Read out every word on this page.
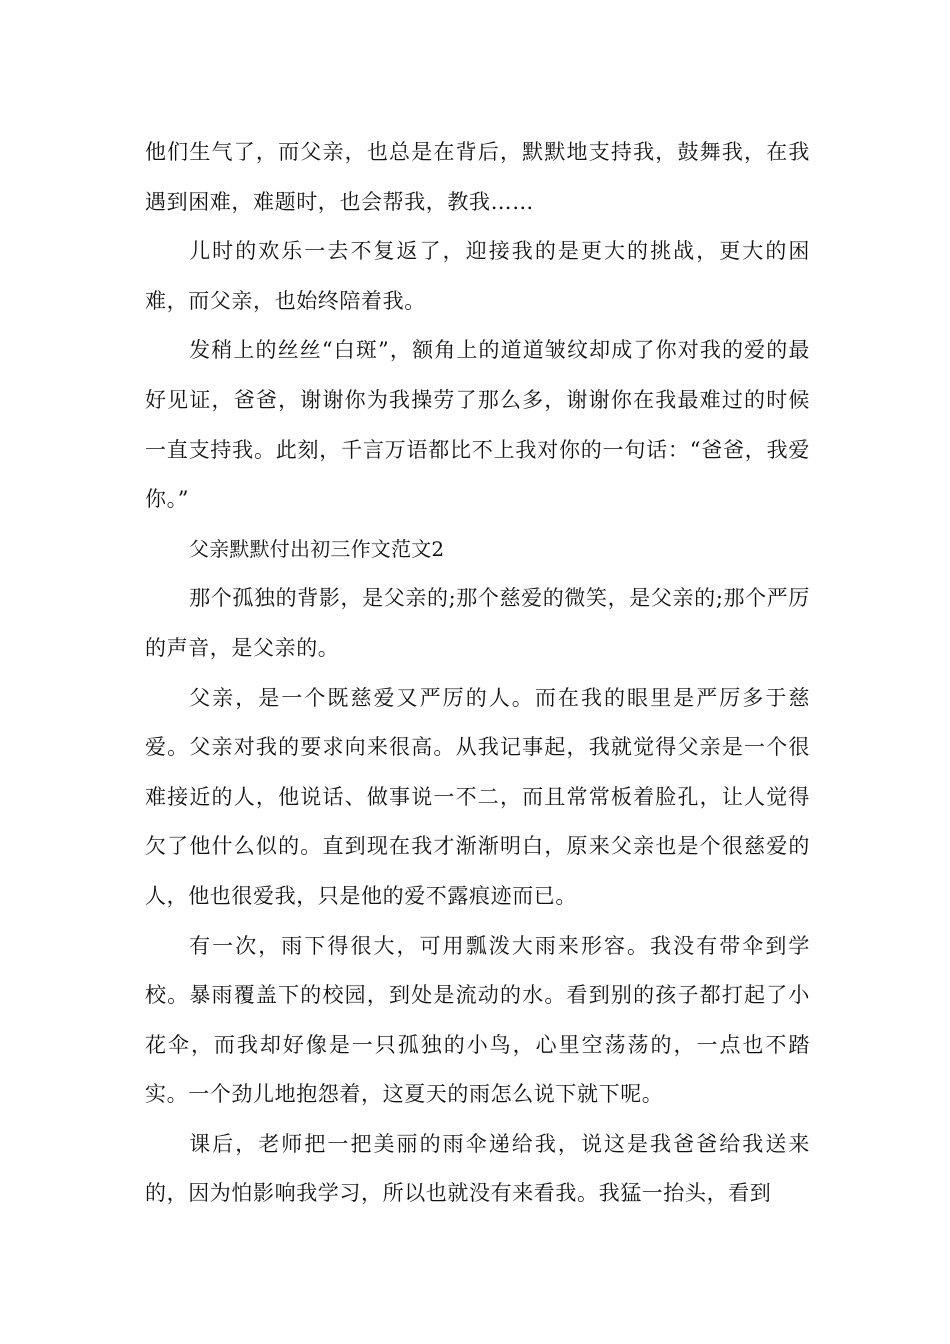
他们生气了，而父亲，也总是在背后，默默地支持我，鼓舞我，在我遇到困难，难题时，也会帮我，教我……

儿时的欢乐一去不复返了，迎接我的是更大的挑战，更大的困难，而父亲，也始终陪着我。

发稍上的丝丝“白斑”，额角上的道道皱纹却成了你对我的爱的最好见证，爸爸，谢谢你为我操劳了那么多，谢谢你在我最难过的时候一直支持我。此刻，千言万语都比不上我对你的一句话：“爸爸，我爱你。”

父亲默默付出初三作文范文2

那个孤独的背影，是父亲的;那个慈爱的微笑，是父亲的;那个严厉的声音，是父亲的。

父亲，是一个既慈爱又严厉的人。而在我的眼里是严厉多于慈爱。父亲对我的要求向来很高。从我记事起，我就觉得父亲是一个很难接近的人，他说话、做事说一不二，而且常常板着脸孔，让人觉得欠了他什么似的。直到现在我才渐渐明白，原来父亲也是个很慈爱的人，他也很爱我，只是他的爱不露痕迹而已。

有一次，雨下得很大，可用瓢泼大雨来形容。我没有带伞到学校。暴雨覆盖下的校园，到处是流动的水。看到别的孩子都打起了小花伞，而我却好像是一只孤独的小鸟，心里空荡荡的，一点也不踏实。一个劲儿地抱怨着，这夏天的雨怎么说下就下呢。

课后，老师把一把美丽的雨伞递给我，说这是我爸爸给我送来的，因为怕影响我学习，所以也就没有来看我。我猛一抬头，看到
